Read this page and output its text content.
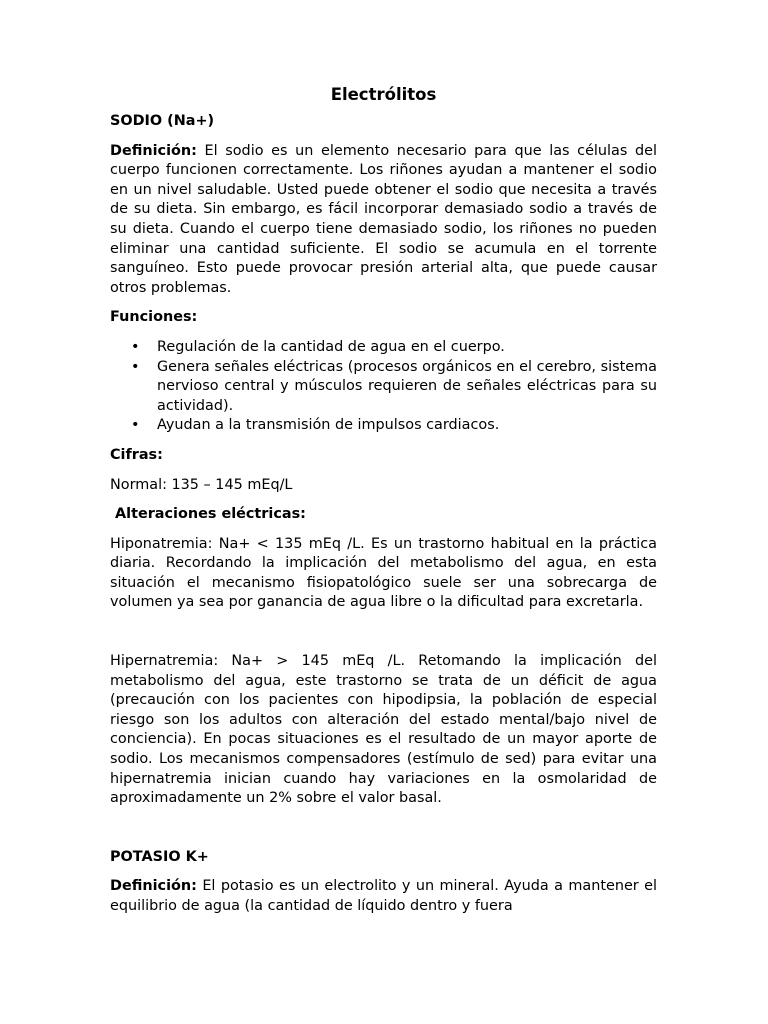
Electrólitos
SODIO (Na+)
Definición: El sodio es un elemento necesario para que las células del cuerpo funcionen correctamente. Los riñones ayudan a mantener el sodio en un nivel saludable. Usted puede obtener el sodio que necesita a través de su dieta. Sin embargo, es fácil incorporar demasiado sodio a través de su dieta. Cuando el cuerpo tiene demasiado sodio, los riñones no pueden eliminar una cantidad suficiente. El sodio se acumula en el torrente sanguíneo. Esto puede provocar presión arterial alta, que puede causar otros problemas.
Funciones:
• Regulación de la cantidad de agua en el cuerpo.
• Genera señales eléctricas (procesos orgánicos en el cerebro, sistema nervioso central y músculos requieren de señales eléctricas para su actividad).
• Ayudan a la transmisión de impulsos cardiacos.
Cifras:
Normal: 135 – 145 mEq/L
Alteraciones eléctricas:
Hiponatremia: Na+ < 135 mEq /L. Es un trastorno habitual en la práctica diaria. Recordando la implicación del metabolismo del agua, en esta situación el mecanismo fisiopatológico suele ser una sobrecarga de volumen ya sea por ganancia de agua libre o la dificultad para excretarla.
Hipernatremia: Na+ > 145 mEq /L. Retomando la implicación del metabolismo del agua, este trastorno se trata de un déficit de agua (precaución con los pacientes con hipodipsia, la población de especial riesgo son los adultos con alteración del estado mental/bajo nivel de conciencia). En pocas situaciones es el resultado de un mayor aporte de sodio. Los mecanismos compensadores (estímulo de sed) para evitar una hipernatremia inician cuando hay variaciones en la osmolaridad de aproximadamente un 2% sobre el valor basal.
POTASIO K+
Definición: El potasio es un electrolito y un mineral. Ayuda a mantener el equilibrio de agua (la cantidad de líquido dentro y fuera
